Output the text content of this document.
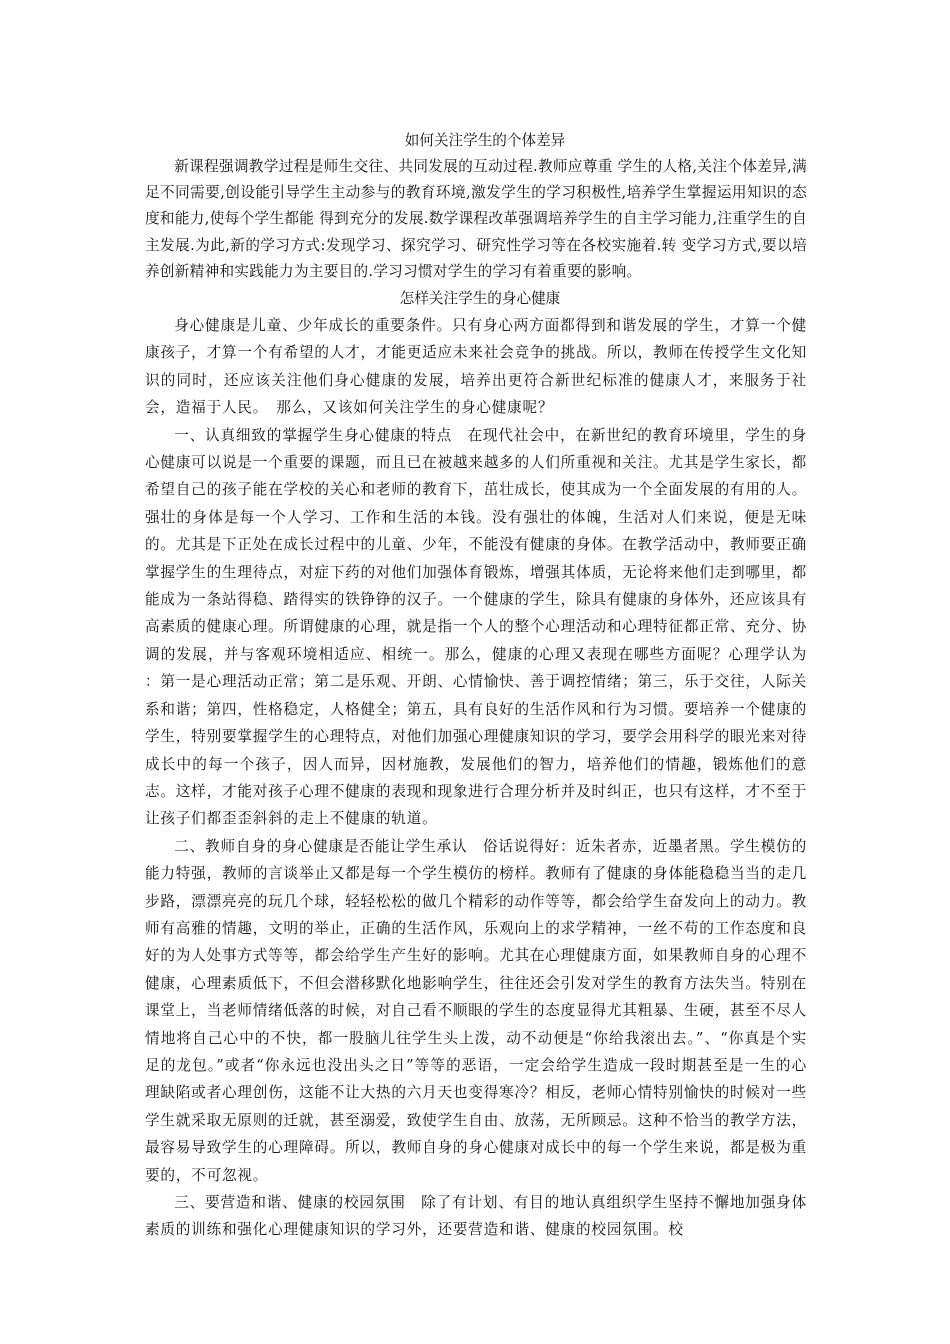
如何关注学生的个体差异

新课程强调教学过程是师生交往、共同发展的互动过程.教师应尊重 学生的人格,关注个体差异,满足不同需要,创设能引导学生主动参与的教育环境,激发学生的学习积极性,培养学生掌握运用知识的态度和能力,使每个学生都能 得到充分的发展.数学课程改革强调培养学生的自主学习能力,注重学生的自主发展.为此,新的学习方式:发现学习、探究学习、研究性学习等在各校实施着.转 变学习方式,要以培养创新精神和实践能力为主要目的.学习习惯对学生的学习有着重要的影响。

怎样关注学生的身心健康

身心健康是儿童、少年成长的重要条件。只有身心两方面都得到和谐发展的学生，才算一个健康孩子，才算一个有希望的人才，才能更适应未来社会竞争的挑战。所以，教师在传授学生文化知识的同时，还应该关注他们身心健康的发展，培养出更符合新世纪标准的健康人才，来服务于社会，造福于人民。　那么，又该如何关注学生的身心健康呢？

一、认真细致的掌握学生身心健康的特点　在现代社会中，在新世纪的教育环境里，学生的身心健康可以说是一个重要的课题，而且已在被越来越多的人们所重视和关注。尤其是学生家长，都希望自己的孩子能在学校的关心和老师的教育下，茁壮成长，使其成为一个全面发展的有用的人。强壮的身体是每一个人学习、工作和生活的本钱。没有强壮的体魄，生活对人们来说，便是无味的。尤其是下正处在成长过程中的儿童、少年，不能没有健康的身体。在教学活动中，教师要正确掌握学生的生理待点，对症下药的对他们加强体育锻炼，增强其体质，无论将来他们走到哪里，都能成为一条站得稳、踏得实的铁铮铮的汉子。一个健康的学生，除具有健康的身体外，还应该具有高素质的健康心理。所谓健康的心理，就是指一个人的整个心理活动和心理特征都正常、充分、协调的发展，并与客观环境相适应、相统一。那么，健康的心理又表现在哪些方面呢？心理学认为 ：第一是心理活动正常；第二是乐观、开朗、心情愉快、善于调控情绪；第三，乐于交往，人际关系和谐；第四，性格稳定，人格健全；第五，具有良好的生活作风和行为习惯。要培养一个健康的学生，特别要掌握学生的心理特点，对他们加强心理健康知识的学习，要学会用科学的眼光来对待成长中的每一个孩子，因人而异，因材施教，发展他们的智力，培养他们的情趣，锻炼他们的意志。这样，才能对孩子心理不健康的表现和现象进行合理分析并及时纠正，也只有这样，才不至于让孩子们都歪歪斜斜的走上不健康的轨道。

二、教师自身的身心健康是否能让学生承认　俗话说得好：近朱者赤，近墨者黑。学生模仿的能力特强，教师的言谈举止又都是每一个学生模仿的榜样。教师有了健康的身体能稳稳当当的走几步路，漂漂亮亮的玩几个球，轻轻松松的做几个精彩的动作等等，都会给学生奋发向上的动力。教师有高雅的情趣，文明的举止，正确的生活作风，乐观向上的求学精神，一丝不苟的工作态度和良好的为人处事方式等等，都会给学生产生好的影响。尤其在心理健康方面，如果教师自身的心理不健康，心理素质低下，不但会潜移默化地影响学生，往往还会引发对学生的教育方法失当。特别在课堂上，当老师情绪低落的时候，对自己看不顺眼的学生的态度显得尤其粗暴、生硬，甚至不尽人情地将自己心中的不快，都一股脑儿往学生头上泼，动不动便是“你给我滚出去。”、“你真是个实足的龙包。”或者“你永远也没出头之日”等等的恶语，一定会给学生造成一段时期甚至是一生的心理缺陷或者心理创伤，这能不让大热的六月天也变得寒冷？相反，老师心情特别愉快的时候对一些学生就采取无原则的迁就，甚至溺爱，致使学生自由、放荡，无所顾忌。这种不恰当的教学方法，最容易导致学生的心理障碍。所以，教师自身的身心健康对成长中的每一个学生来说，都是极为重要的，不可忽视。

三、要营造和谐、健康的校园氛围　除了有计划、有目的地认真组织学生坚持不懈地加强身体素质的训练和强化心理健康知识的学习外，还要营造和谐、健康的校园氛围。校
